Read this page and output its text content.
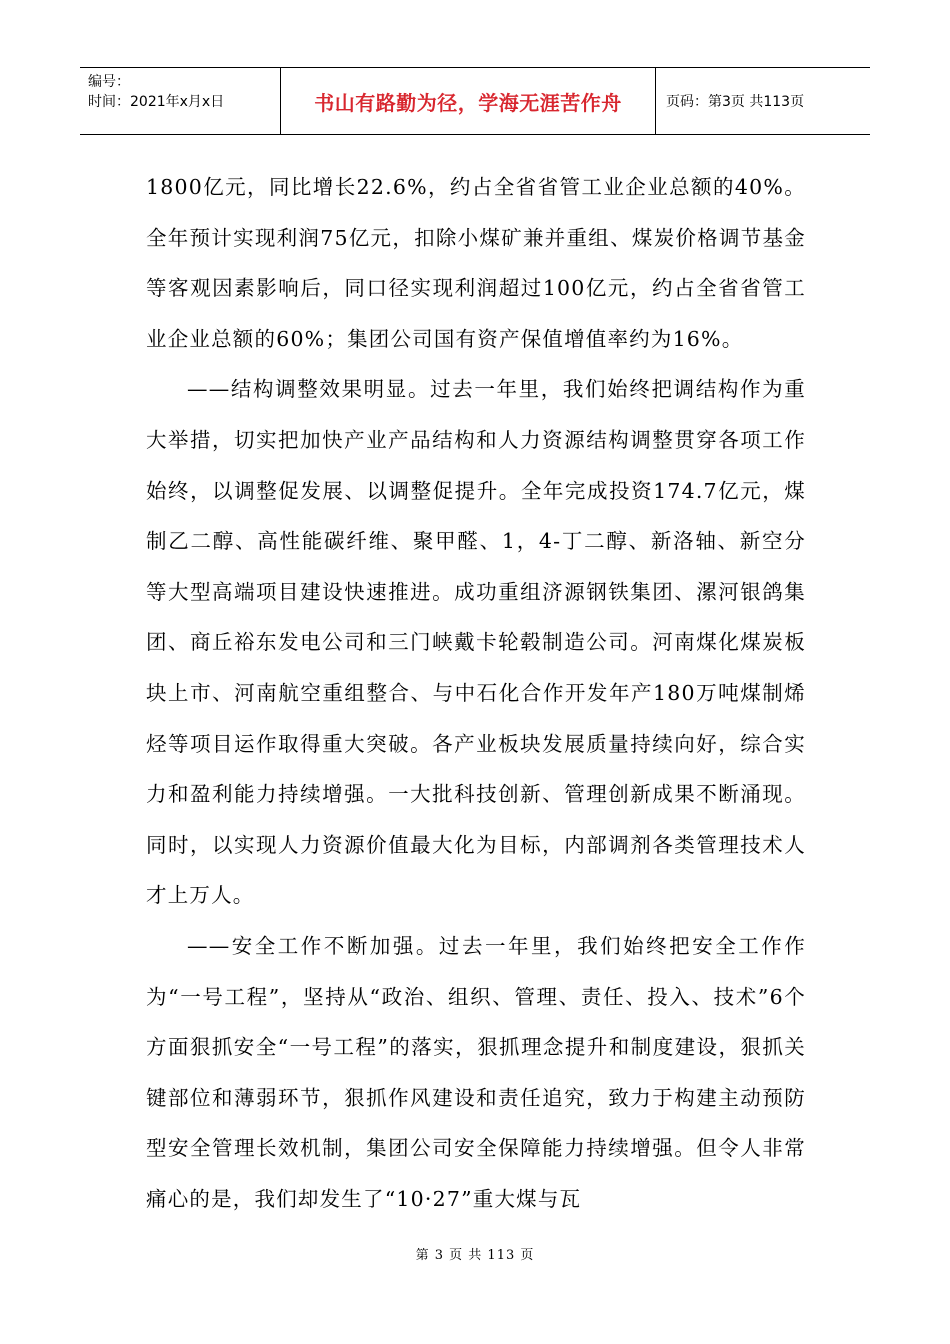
编号：
时间：2021年x月x日	书山有路勤为径，学海无涯苦作舟	页码：第3页 共113页

1800亿元，同比增长22.6%，约占全省省管工业企业总额的40%。全年预计实现利润75亿元，扣除小煤矿兼并重组、煤炭价格调节基金等客观因素影响后，同口径实现利润超过100亿元，约占全省省管工业企业总额的60%；集团公司国有资产保值增值率约为16%。

——结构调整效果明显。过去一年里，我们始终把调结构作为重大举措，切实把加快产业产品结构和人力资源结构调整贯穿各项工作始终，以调整促发展、以调整促提升。全年完成投资174.7亿元，煤制乙二醇、高性能碳纤维、聚甲醛、1，4-丁二醇、新洛轴、新空分等大型高端项目建设快速推进。成功重组济源钢铁集团、漯河银鸽集团、商丘裕东发电公司和三门峡戴卡轮毂制造公司。河南煤化煤炭板块上市、河南航空重组整合、与中石化合作开发年产180万吨煤制烯烃等项目运作取得重大突破。各产业板块发展质量持续向好，综合实力和盈利能力持续增强。一大批科技创新、管理创新成果不断涌现。同时，以实现人力资源价值最大化为目标，内部调剂各类管理技术人才上万人。

——安全工作不断加强。过去一年里，我们始终把安全工作作为“一号工程”，坚持从“政治、组织、管理、责任、投入、技术”6个方面狠抓安全“一号工程”的落实，狠抓理念提升和制度建设，狠抓关键部位和薄弱环节，狠抓作风建设和责任追究，致力于构建主动预防型安全管理长效机制，集团公司安全保障能力持续增强。但令人非常痛心的是，我们却发生了“10·27”重大煤与瓦

第 3 页 共 113 页
